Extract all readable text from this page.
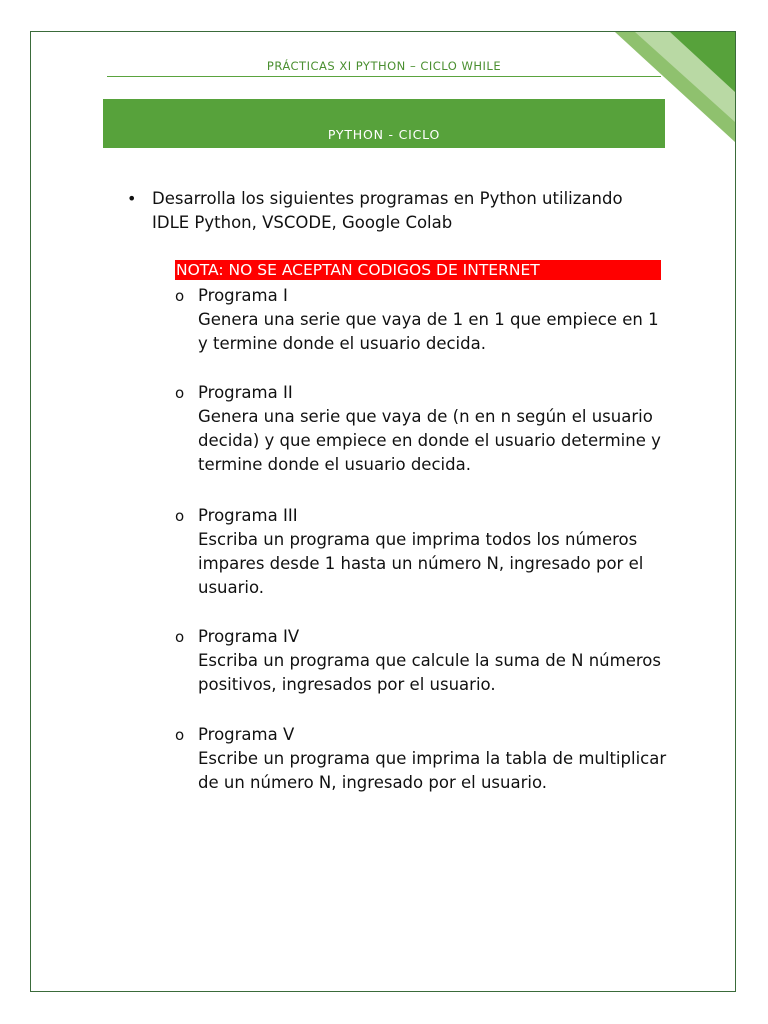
PRÁCTICAS XI PYTHON – CICLO WHILE
PYTHON - CICLO
• Desarrolla los siguientes programas en Python utilizando IDLE Python, VSCODE, Google Colab
NOTA: NO SE ACEPTAN CODIGOS DE INTERNET
o Programa I
Genera una serie que vaya de 1 en 1 que empiece en 1 y termine donde el usuario decida.
o Programa II
Genera una serie que vaya de (n en n según el usuario decida) y que empiece en donde el usuario determine y termine donde el usuario decida.
o Programa III
Escriba un programa que imprima todos los números impares desde 1 hasta un número N, ingresado por el usuario.
o Programa IV
Escriba un programa que calcule la suma de N números positivos, ingresados por el usuario.
o Programa V
Escribe un programa que imprima la tabla de multiplicar de un número N, ingresado por el usuario.
